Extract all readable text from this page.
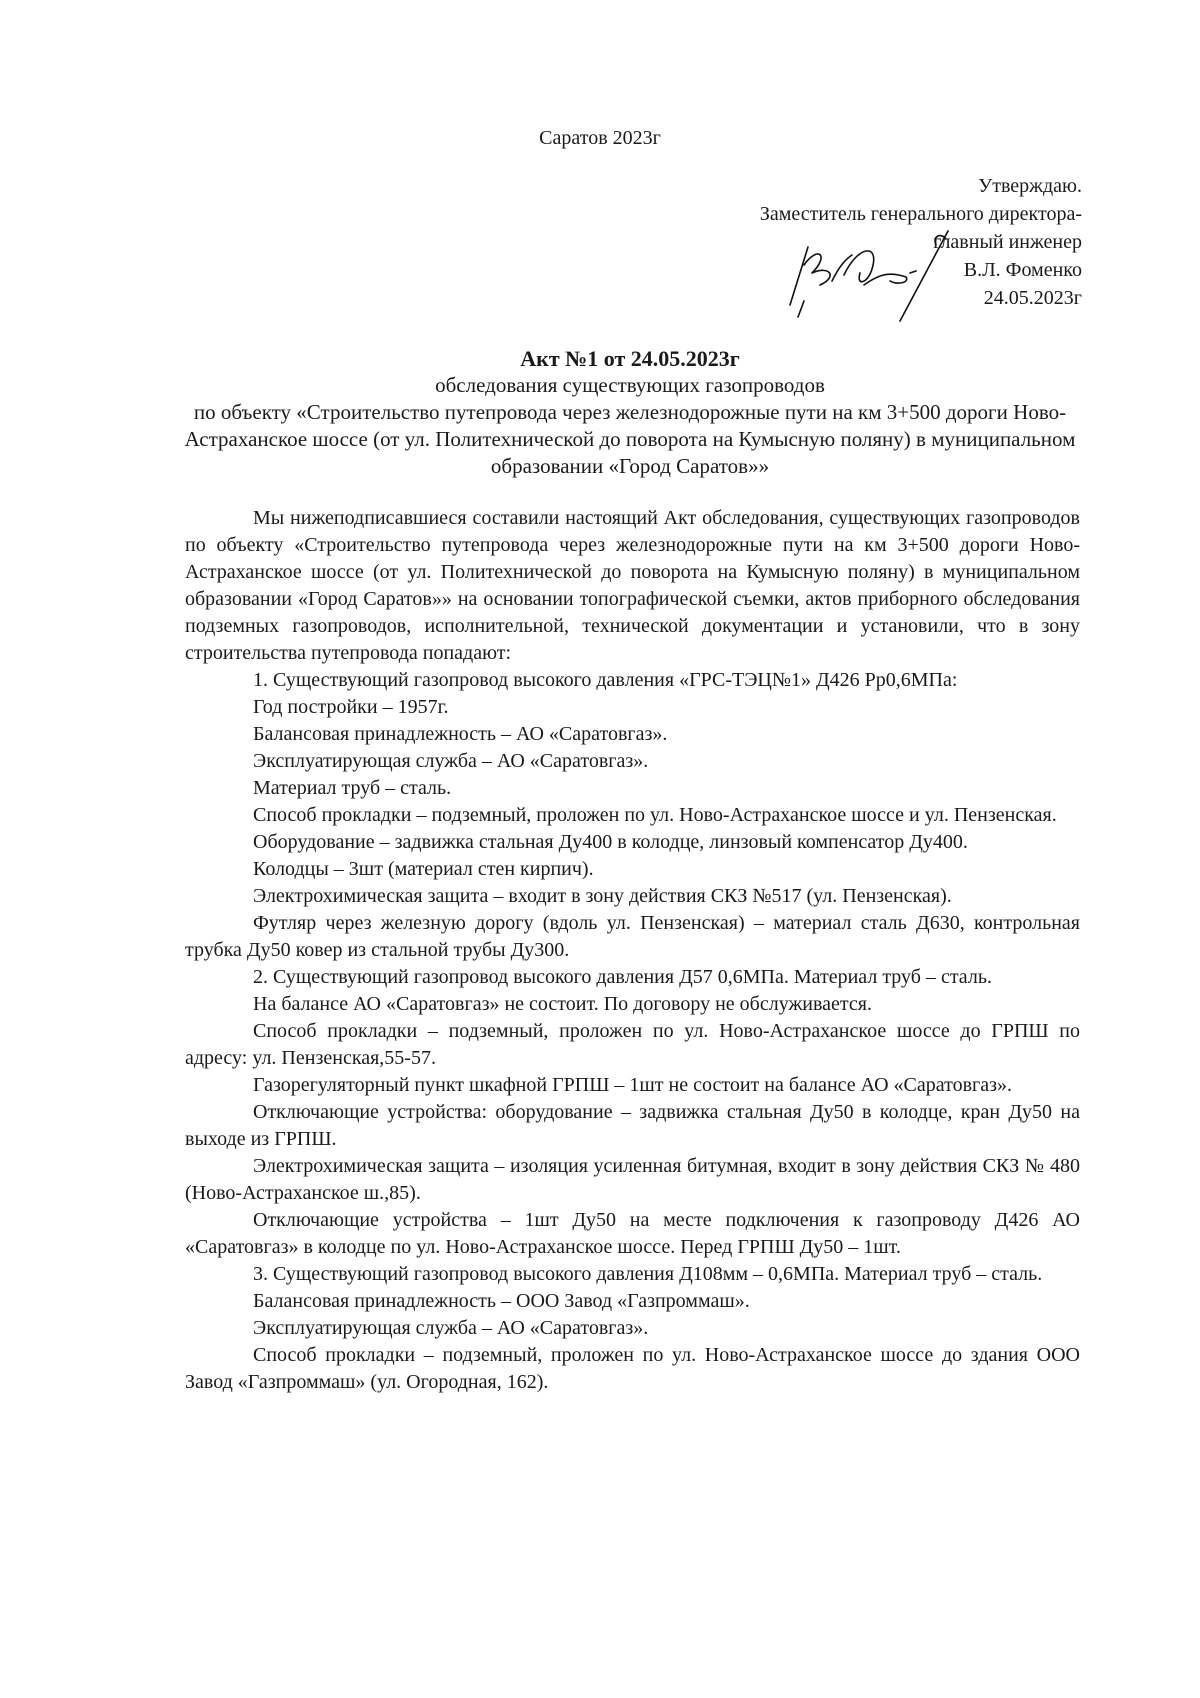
Саратов 2023г
Утверждаю.
Заместитель генерального директора-
главный инженер
В.Л. Фоменко
24.05.2023г
Акт №1 от 24.05.2023г
обследования существующих газопроводов
по объекту «Строительство путепровода через железнодорожные пути на км 3+500 дороги Ново-Астраханское шоссе (от ул. Политехнической до поворота на Кумысную поляну) в муниципальном образовании «Город Саратов»»

Мы нижеподписавшиеся составили настоящий Акт обследования, существующих газопроводов по объекту «Строительство путепровода через железнодорожные пути на км 3+500 дороги Ново-Астраханское шоссе (от ул. Политехнической до поворота на Кумысную поляну) в муниципальном образовании «Город Саратов»» на основании топографической съемки, актов приборного обследования подземных газопроводов, исполнительной, технической документации и установили, что в зону строительства путепровода попадают:

1. Существующий газопровод высокого давления «ГРС-ТЭЦ№1» Д426 Рр0,6МПа:

Год постройки – 1957г.

Балансовая принадлежность – АО «Саратовгаз».

Эксплуатирующая служба – АО «Саратовгаз».

Материал труб – сталь.

Способ прокладки – подземный, проложен по ул. Ново-Астраханское шоссе и ул. Пензенская.

Оборудование – задвижка стальная Ду400 в колодце, линзовый компенсатор Ду400.

Колодцы – 3шт (материал стен кирпич).

Электрохимическая защита – входит в зону действия СКЗ №517 (ул. Пензенская).

Футляр через железную дорогу (вдоль ул. Пензенская) – материал сталь Д630, контрольная трубка Ду50 ковер из стальной трубы Ду300.

2. Существующий газопровод высокого давления Д57 0,6МПа. Материал труб – сталь.

На балансе АО «Саратовгаз» не состоит. По договору не обслуживается.

Способ прокладки – подземный, проложен по ул. Ново-Астраханское шоссе до ГРПШ по адресу: ул. Пензенская,55-57.

Газорегуляторный пункт шкафной ГРПШ – 1шт не состоит на балансе АО «Саратовгаз».

Отключающие устройства: оборудование – задвижка стальная Ду50 в колодце, кран Ду50 на выходе из ГРПШ.

Электрохимическая защита – изоляция усиленная битумная, входит в зону действия СКЗ № 480 (Ново-Астраханское ш.,85).

Отключающие устройства – 1шт Ду50 на месте подключения к газопроводу Д426 АО «Саратовгаз» в колодце по ул. Ново-Астраханское шоссе. Перед ГРПШ Ду50 – 1шт.

3. Существующий газопровод высокого давления Д108мм – 0,6МПа. Материал труб – сталь.

Балансовая принадлежность – ООО Завод «Газпроммаш».

Эксплуатирующая служба – АО «Саратовгаз».

Способ прокладки – подземный, проложен по ул. Ново-Астраханское шоссе до здания ООО Завод «Газпроммаш» (ул. Огородная, 162).
